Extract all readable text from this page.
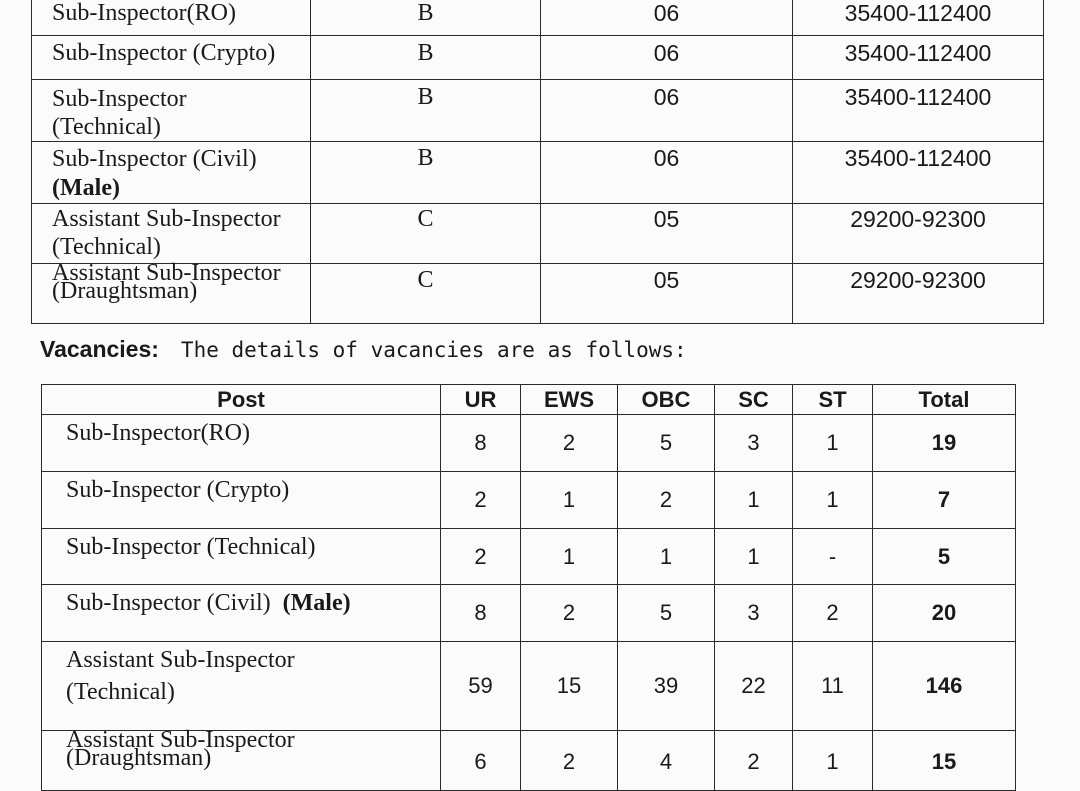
Sub-Inspector(RO)	B	06	35400-112400
Sub-Inspector (Crypto)	B	06	35400-112400

Sub-Inspector (Technical)	B	06	35400-112400
Sub-Inspector (Civil)
(Male)	B	06	35400-112400

Assistant Sub-Inspector (Technical)	C	05	29200-92300

Assistant Sub-Inspector (Draughtsman)	C	05	29200-92300
Vacancies: The details of vacancies are as follows:
Post	UR	EWS	OBC	SC	ST	Total
Sub-Inspector(RO)	8	2	5	3	1	19
Sub-Inspector (Crypto)	2	1	2	1	1	7
Sub-Inspector (Technical)	2	1	1	1	-	5
Sub-Inspector (Civil) (Male)	8	2	5	3	2	20

Assistant Sub-Inspector (Technical)	59	15	39	22	11	146

Assistant Sub-Inspector (Draughtsman)	6	2	4	2	1	15
